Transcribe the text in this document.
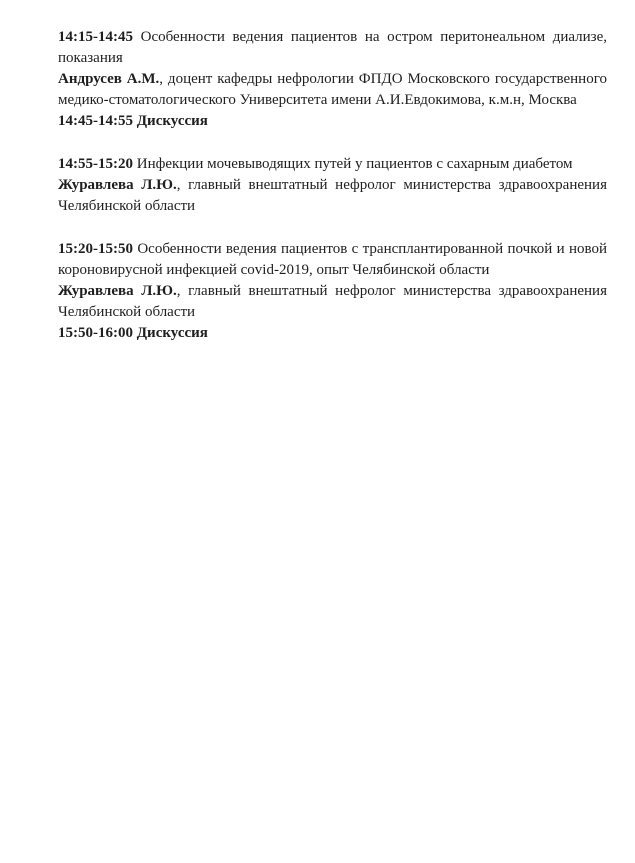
14:15-14:45 Особенности ведения пациентов на остром перитонеальном диализе, показания

Андрусев А.М., доцент кафедры нефрологии ФПДО Московского государственного медико-стоматологического Университета имени А.И.Евдокимова, к.м.н, Москва

14:45-14:55 Дискуссия

14:55-15:20 Инфекции мочевыводящих путей у пациентов с сахарным диабетом

Журавлева Л.Ю., главный внештатный нефролог министерства здравоохранения Челябинской области

15:20-15:50 Особенности ведения пациентов с трансплантированной почкой и новой короновирусной инфекцией covid-2019, опыт Челябинской области

Журавлева Л.Ю., главный внештатный нефролог министерства здравоохранения Челябинской области

15:50-16:00 Дискуссия
